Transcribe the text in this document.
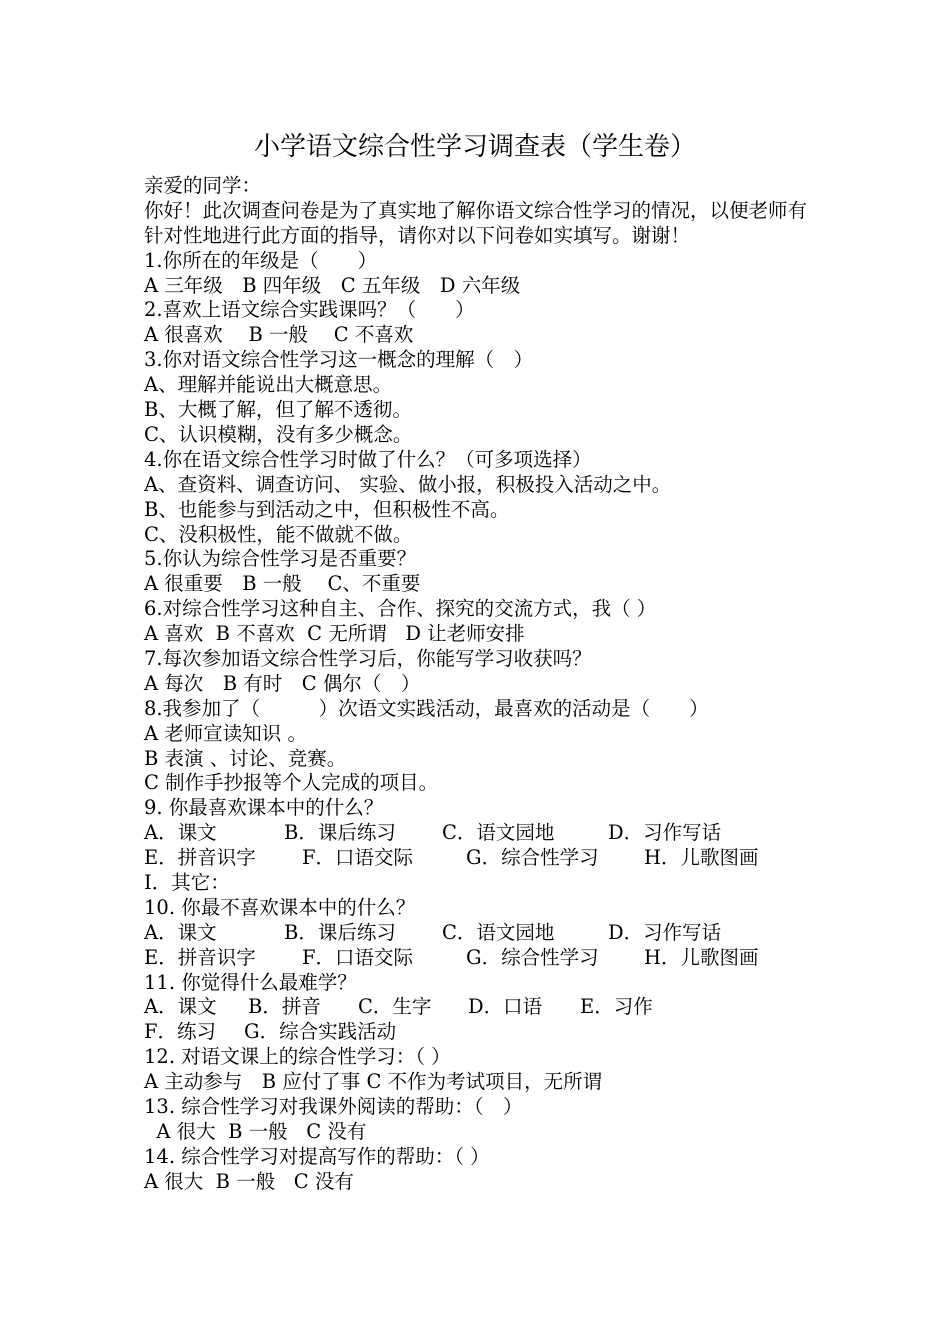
小学语文综合性学习调查表（学生卷）
亲爱的同学：
你好！此次调查问卷是为了真实地了解你语文综合性学习的情况，以便老师有针对性地进行此方面的指导，请你对以下问卷如实填写。谢谢！
1.你所在的年级是（　　）
A 三年级　B 四年级　C 五年级　D 六年级
2.喜欢上语文综合实践课吗？（　　）
A 很喜欢　 B 一般　 C 不喜欢
3.你对语文综合性学习这一概念的理解（　）
A、理解并能说出大概意思。
B、大概了解，但了解不透彻。
C、认识模糊，没有多少概念。
4.你在语文综合性学习时做了什么？（可多项选择）
A、查资料、调查访问、 实验、做小报，积极投入活动之中。
B、也能参与到活动之中，但积极性不高。
C、没积极性，能不做就不做。
5.你认为综合性学习是否重要？
A 很重要　B 一般　 C、不重要
6.对综合性学习这种自主、合作、探究的交流方式，我（ ）
A 喜欢  B 不喜欢  C 无所谓   D 让老师安排
7.每次参加语文综合性学习后，你能写学习收获吗？
A 每次　B 有时　C 偶尔（　）
8.我参加了（　　　）次语文实践活动，最喜欢的活动是（　　）
A 老师宣读知识 。
B 表演 、讨论、竞赛。
C 制作手抄报等个人完成的项目。
9. 你最喜欢课本中的什么？

A．课文

	B．课后练习

C．语文园地

	D．习作写话

E．拼音识字

F．口语交际

	G．综合性学习

H．儿歌图画

I．其它：
10. 你最不喜欢课本中的什么？

A．课文

	B．课后练习

C．语文园地

	D．习作写话

E．拼音识字

F．口语交际

	G．综合性学习

H．儿歌图画

11. 你觉得什么最难学？

A．课文

B．拼音

C．生字

D．口语

E．习作

F．练习

G．综合实践活动

12. 对语文课上的综合性学习：（ ）
A 主动参与　B 应付了事 C 不作为考试项目，无所谓
13. 综合性学习对我课外阅读的帮助：（　）
A 很大  B 一般   C 没有
14. 综合性学习对提高写作的帮助：（ ）
A 很大  B 一般   C 没有
